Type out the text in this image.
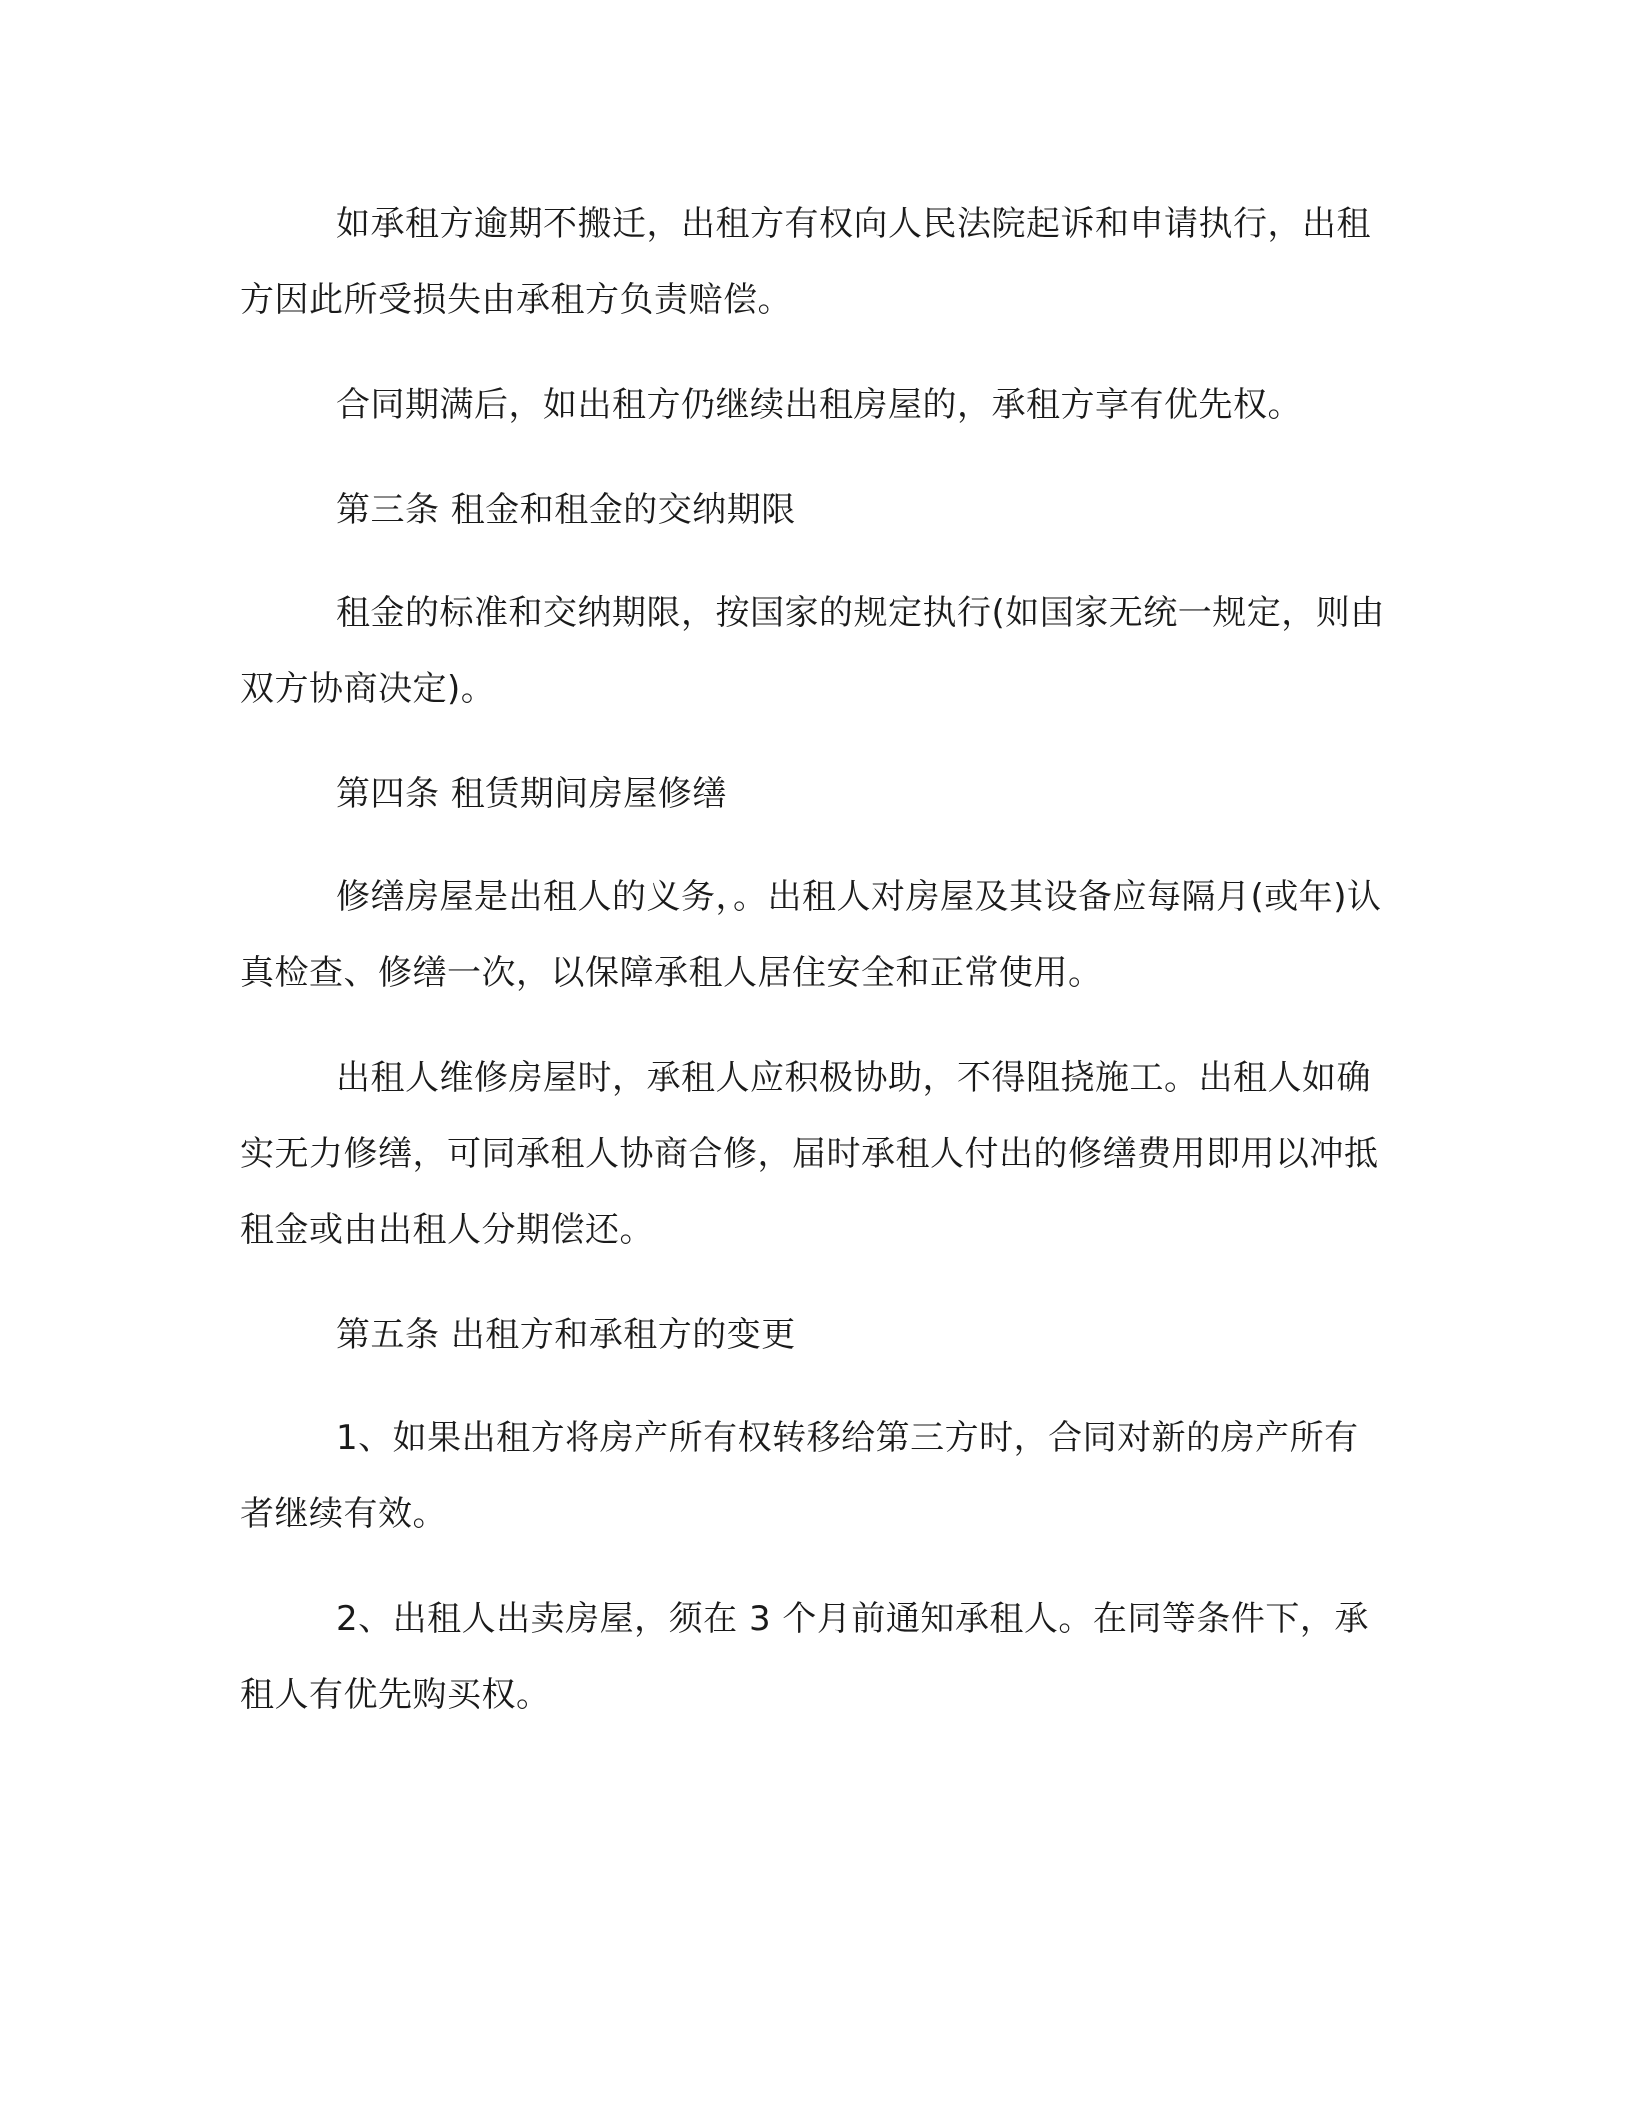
如承租方逾期不搬迁，出租方有权向人民法院起诉和申请执行，出租方因此所受损失由承租方负责赔偿。

合同期满后，如出租方仍继续出租房屋的，承租方享有优先权。

第三条 租金和租金的交纳期限

租金的标准和交纳期限，按国家的规定执行(如国家无统一规定，则由双方协商决定)。

第四条 租赁期间房屋修缮

修缮房屋是出租人的义务，。出租人对房屋及其设备应每隔月(或年)认真检查、修缮一次，以保障承租人居住安全和正常使用。

出租人维修房屋时，承租人应积极协助，不得阻挠施工。出租人如确实无力修缮，可同承租人协商合修，届时承租人付出的修缮费用即用以冲抵租金或由出租人分期偿还。

第五条 出租方和承租方的变更

1、如果出租方将房产所有权转移给第三方时，合同对新的房产所有者继续有效。

2、出租人出卖房屋，须在 3 个月前通知承租人。在同等条件下，承租人有优先购买权。
